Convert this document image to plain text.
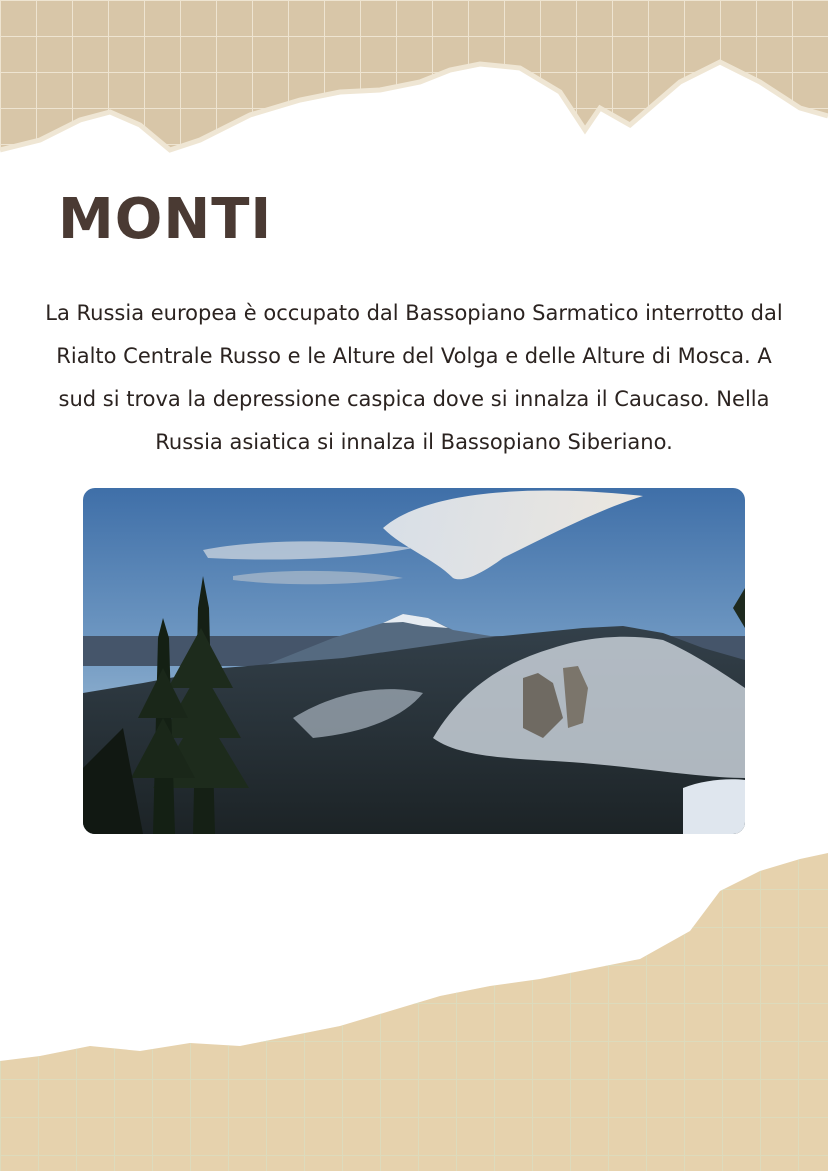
MONTI

La Russia europea è occupato dal Bassopiano Sarmatico interrotto dal Rialto Centrale Russo e le Alture del Volga e delle Alture di Mosca. A sud si trova la depressione caspica dove si innalza il Caucaso. Nella Russia asiatica si innalza il Bassopiano Siberiano.
